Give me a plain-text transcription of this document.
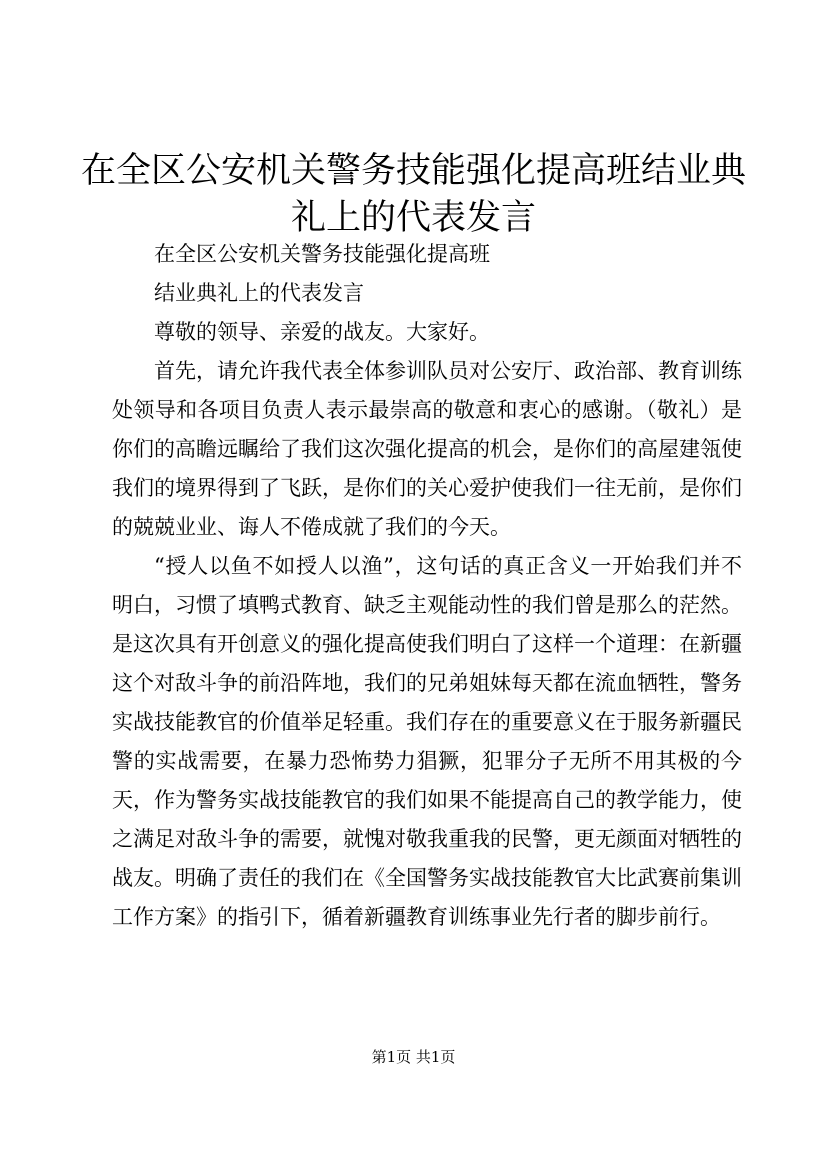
在全区公安机关警务技能强化提高班结业典礼上的代表发言

在全区公安机关警务技能强化提高班

结业典礼上的代表发言

尊敬的领导、亲爱的战友。大家好。

首先，请允许我代表全体参训队员对公安厅、政治部、教育训练处领导和各项目负责人表示最崇高的敬意和衷心的感谢。（敬礼）是你们的高瞻远瞩给了我们这次强化提高的机会，是你们的高屋建瓴使我们的境界得到了飞跃，是你们的关心爱护使我们一往无前，是你们的兢兢业业、诲人不倦成就了我们的今天。

“授人以鱼不如授人以渔”，这句话的真正含义一开始我们并不明白，习惯了填鸭式教育、缺乏主观能动性的我们曾是那么的茫然。是这次具有开创意义的强化提高使我们明白了这样一个道理：在新疆这个对敌斗争的前沿阵地，我们的兄弟姐妹每天都在流血牺牲，警务实战技能教官的价值举足轻重。我们存在的重要意义在于服务新疆民警的实战需要，在暴力恐怖势力猖獗，犯罪分子无所不用其极的今天，作为警务实战技能教官的我们如果不能提高自己的教学能力，使之满足对敌斗争的需要，就愧对敬我重我的民警，更无颜面对牺牲的战友。明确了责任的我们在《全国警务实战技能教官大比武赛前集训工作方案》的指引下，循着新疆教育训练事业先行者的脚步前行。

第1页 共1页
